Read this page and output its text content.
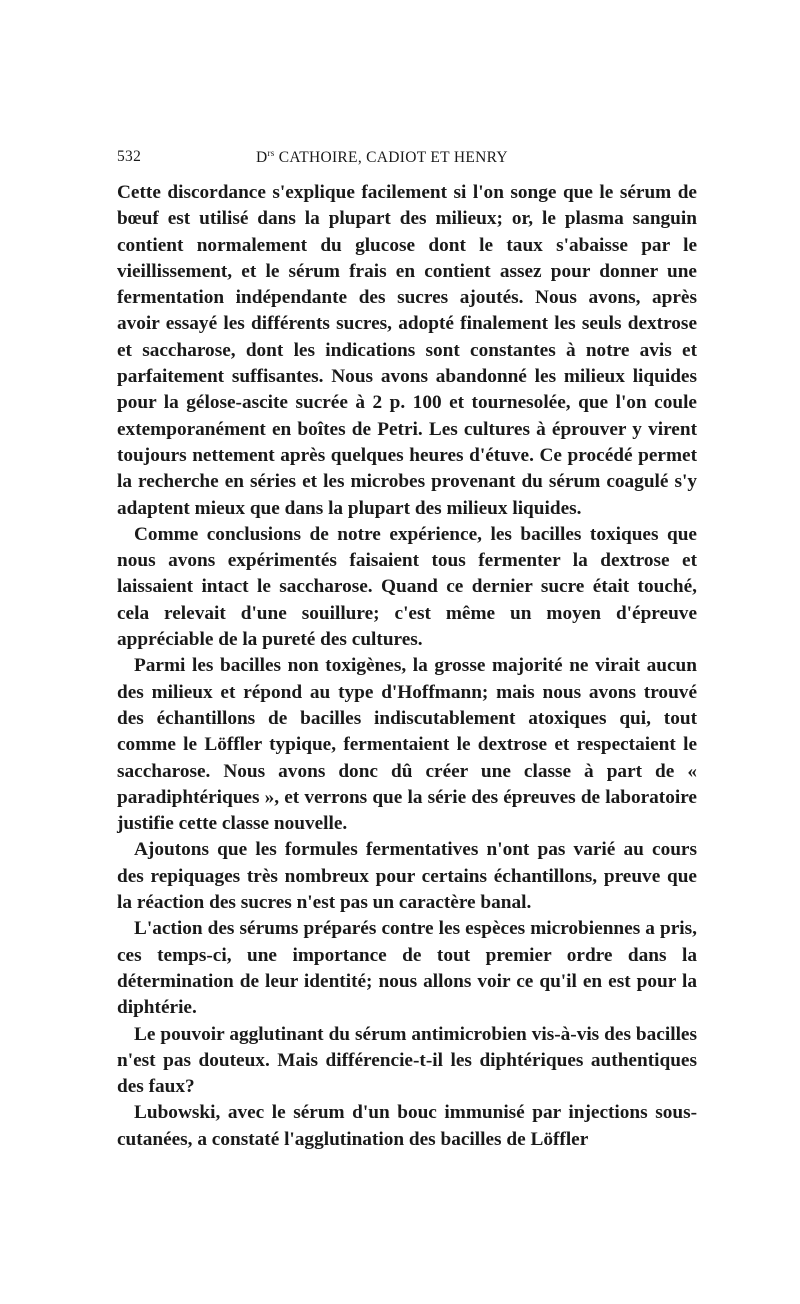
532	$D^{rs}$ CATHOIRE, CADIOT ET HENRY

Cette discordance s'explique facilement si l'on songe que le sérum de bœuf est utilisé dans la plupart des milieux; or, le plasma sanguin contient normalement du glucose dont le taux s'abaisse par le vieillissement, et le sérum frais en contient assez pour donner une fermentation indépendante des sucres ajoutés. Nous avons, après avoir essayé les différents sucres, adopté finalement les seuls dextrose et saccharose, dont les indications sont constantes à notre avis et parfaitement suffisantes. Nous avons abandonné les milieux liquides pour la gélose-ascite sucrée à 2 p. 100 et tournesolée, que l'on coule extemporanément en boîtes de Petri. Les cultures à éprouver y virent toujours nettement après quelques heures d'étuve. Ce procédé permet la recherche en séries et les microbes provenant du sérum coagulé s'y adaptent mieux que dans la plupart des milieux liquides.

Comme conclusions de notre expérience, les bacilles toxiques que nous avons expérimentés faisaient tous fermenter la dextrose et laissaient intact le saccharose. Quand ce dernier sucre était touché, cela relevait d'une souillure; c'est même un moyen d'épreuve appréciable de la pureté des cultures.

Parmi les bacilles non toxigènes, la grosse majorité ne virait aucun des milieux et répond au type d'Hoffmann; mais nous avons trouvé des échantillons de bacilles indiscutablement atoxiques qui, tout comme le Löffler typique, fermentaient le dextrose et respectaient le saccharose. Nous avons donc dû créer une classe à part de « paradiphtériques », et verrons que la série des épreuves de laboratoire justifie cette classe nouvelle.

Ajoutons que les formules fermentatives n'ont pas varié au cours des repiquages très nombreux pour certains échantillons, preuve que la réaction des sucres n'est pas un caractère banal.

L'action des sérums préparés contre les espèces microbiennes a pris, ces temps-ci, une importance de tout premier ordre dans la détermination de leur identité; nous allons voir ce qu'il en est pour la diphtérie.

Le pouvoir agglutinant du sérum antimicrobien vis-à-vis des bacilles n'est pas douteux. Mais différencie-t-il les diphtériques authentiques des faux?

Lubowski, avec le sérum d'un bouc immunisé par injections sous-cutanées, a constaté l'agglutination des bacilles de Löffler
